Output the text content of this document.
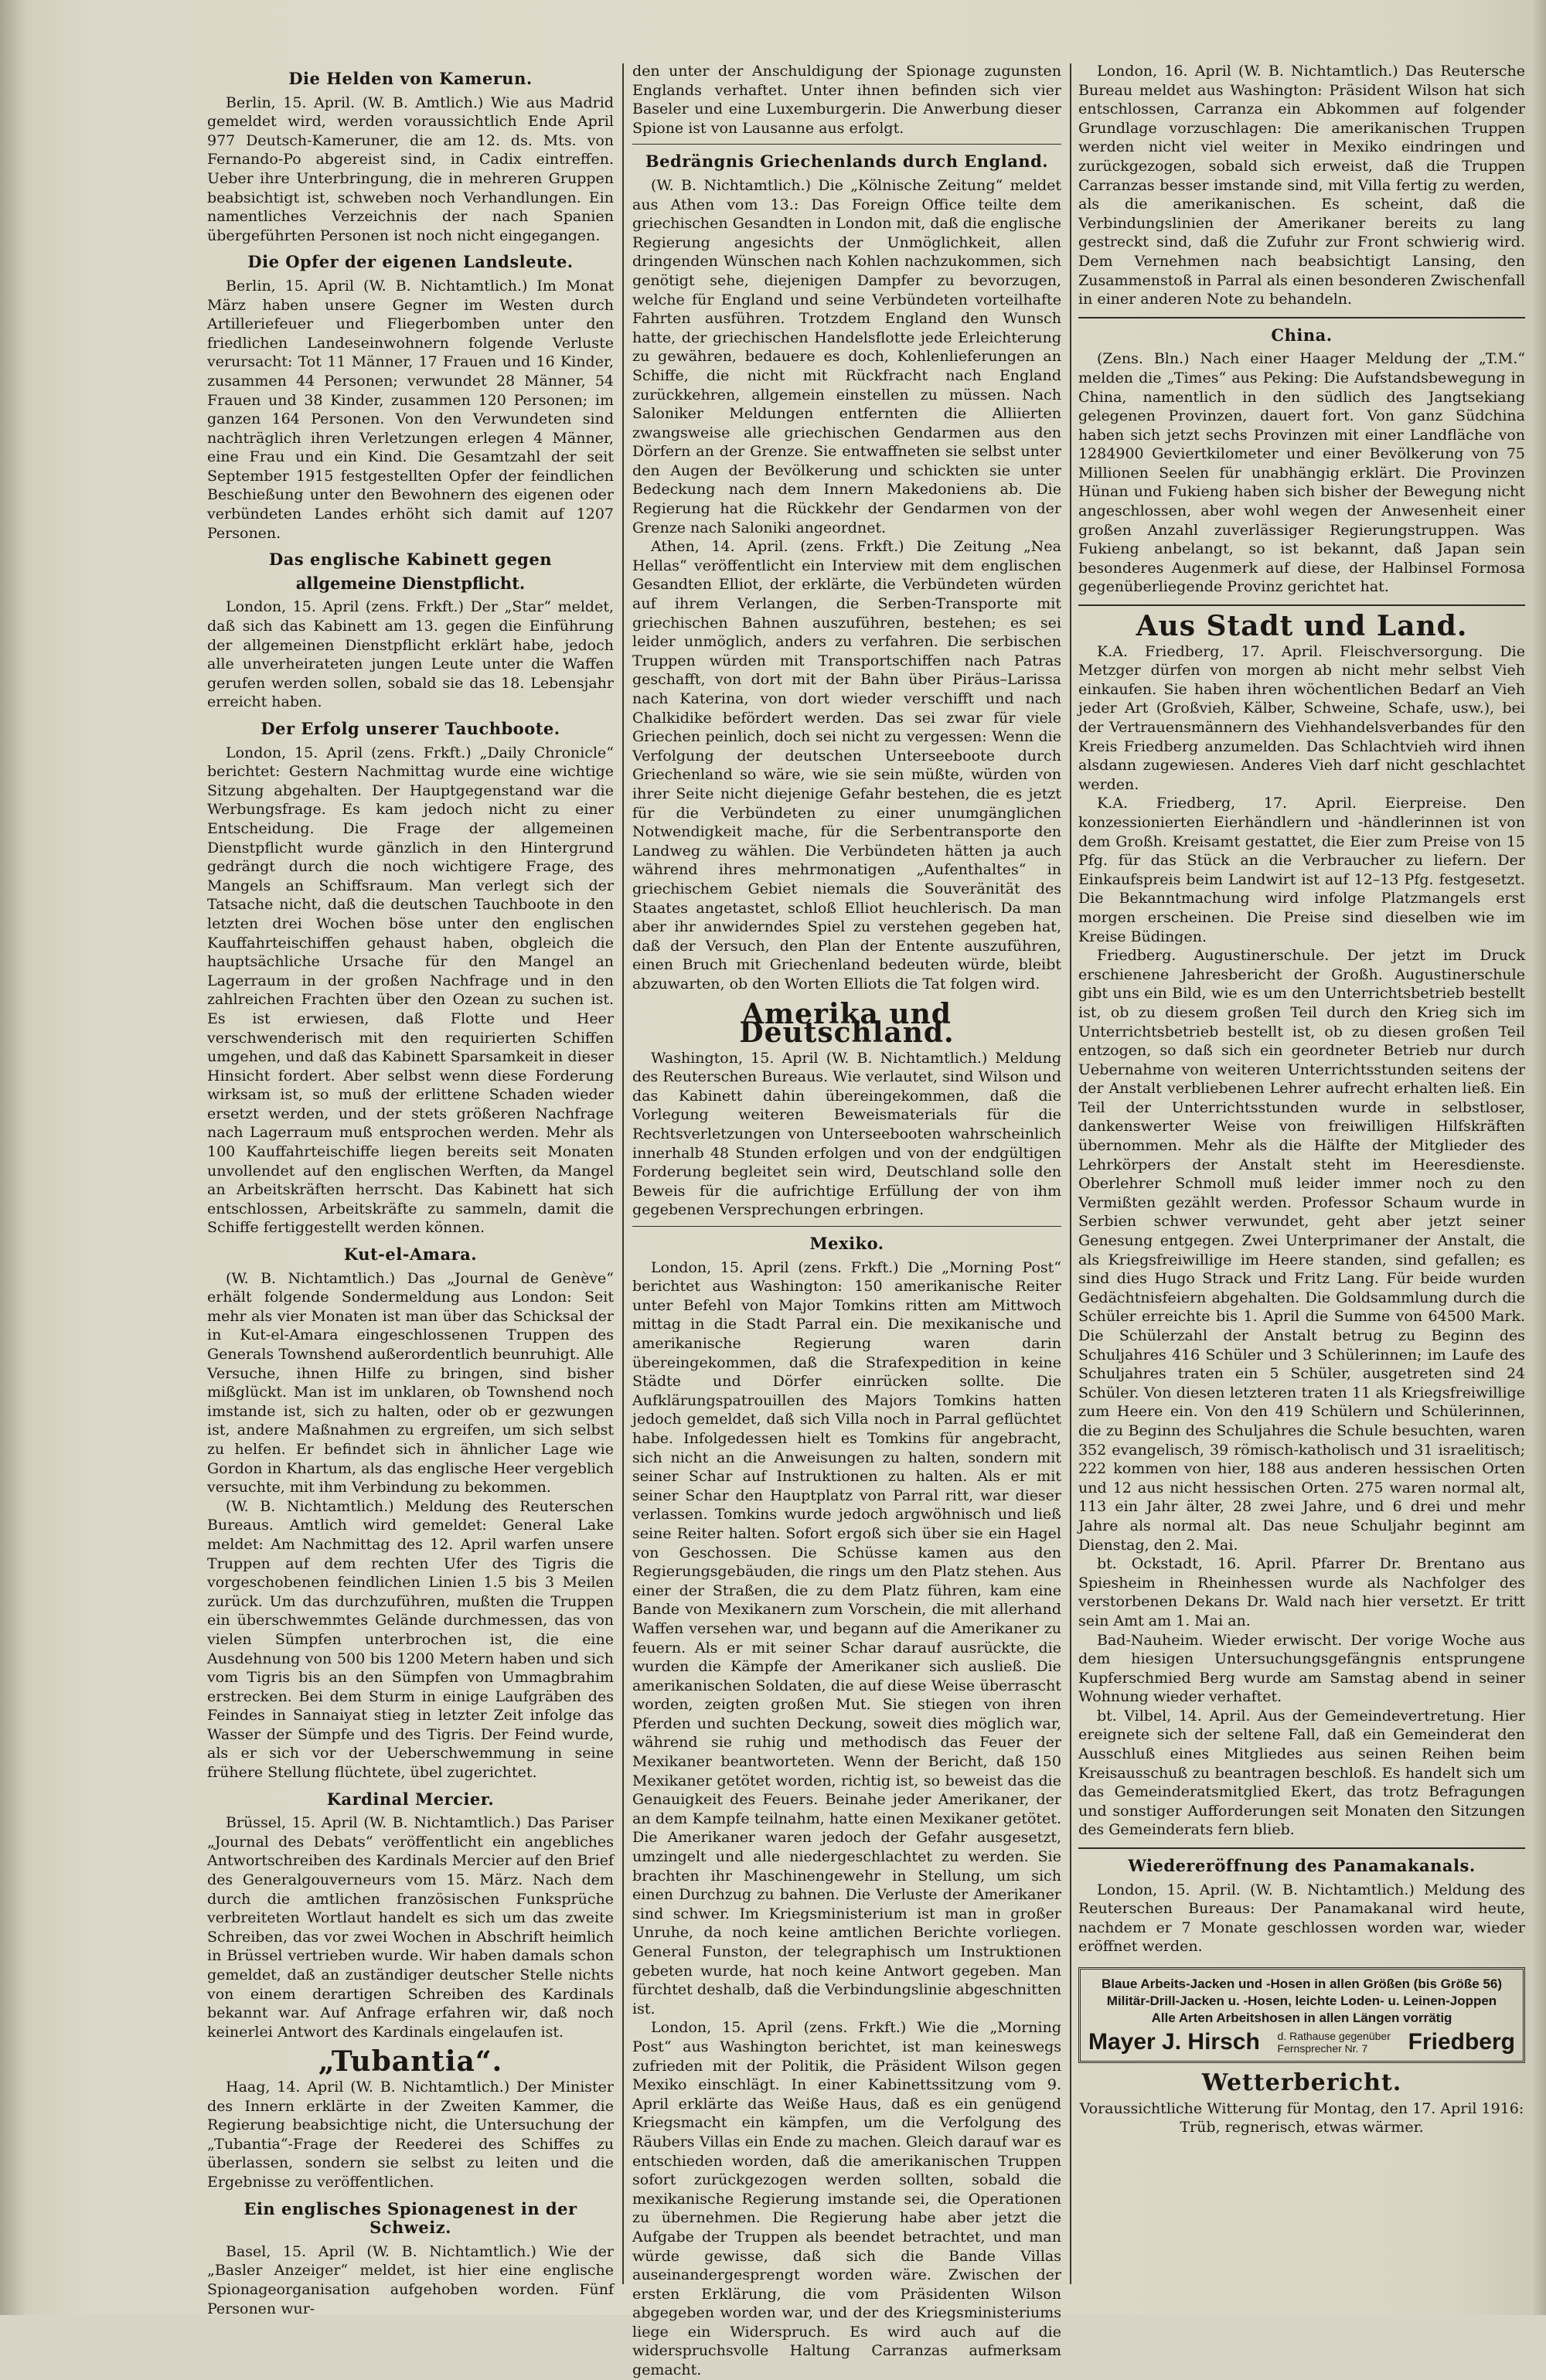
Die Helden von Kamerun.

Berlin, 15. April. (W. B. Amtlich.) Wie aus Madrid gemeldet wird, werden voraussichtlich Ende April 977 Deutsch-Kameruner, die am 12. ds. Mts. von Fernando-Po abgereist sind, in Cadix eintreffen. Ueber ihre Unterbringung, die in mehreren Gruppen beabsichtigt ist, schweben noch Verhandlungen. Ein namentliches Verzeichnis der nach Spanien übergeführten Personen ist noch nicht eingegangen.

Die Opfer der eigenen Landsleute.

Berlin, 15. April (W. B. Nichtamtlich.) Im Monat März haben unsere Gegner im Westen durch Artilleriefeuer und Fliegerbomben unter den friedlichen Landeseinwohnern folgende Verluste verursacht: Tot 11 Männer, 17 Frauen und 16 Kinder, zusammen 44 Personen; verwundet 28 Männer, 54 Frauen und 38 Kinder, zusammen 120 Personen; im ganzen 164 Personen. Von den Verwundeten sind nachträglich ihren Verletzungen erlegen 4 Männer, eine Frau und ein Kind. Die Gesamtzahl der seit September 1915 festgestellten Opfer der feindlichen Beschießung unter den Bewohnern des eigenen oder verbündeten Landes erhöht sich damit auf 1207 Personen.

Das englische Kabinett gegen
allgemeine Dienstpflicht.

London, 15. April (zens. Frkft.) Der „Star“ meldet, daß sich das Kabinett am 13. gegen die Einführung der allgemeinen Dienstpflicht erklärt habe, jedoch alle unverheirateten jungen Leute unter die Waffen gerufen werden sollen, sobald sie das 18. Lebensjahr erreicht haben.

Der Erfolg unserer Tauchboote.

London, 15. April (zens. Frkft.) „Daily Chronicle“ berichtet: Gestern Nachmittag wurde eine wichtige Sitzung abgehalten. Der Hauptgegenstand war die Werbungsfrage. Es kam jedoch nicht zu einer Entscheidung. Die Frage der allgemeinen Dienstpflicht wurde gänzlich in den Hintergrund gedrängt durch die noch wichtigere Frage, des Mangels an Schiffsraum. Man verlegt sich der Tatsache nicht, daß die deutschen Tauchboote in den letzten drei Wochen böse unter den englischen Kauffahrteischiffen gehaust haben, obgleich die hauptsächliche Ursache für den Mangel an Lagerraum in der großen Nachfrage und in den zahlreichen Frachten über den Ozean zu suchen ist. Es ist erwiesen, daß Flotte und Heer verschwenderisch mit den requirierten Schiffen umgehen, und daß das Kabinett Sparsamkeit in dieser Hinsicht fordert. Aber selbst wenn diese Forderung wirksam ist, so muß der erlittene Schaden wieder ersetzt werden, und der stets größeren Nachfrage nach Lagerraum muß entsprochen werden. Mehr als 100 Kauffahrteischiffe liegen bereits seit Monaten unvollendet auf den englischen Werften, da Mangel an Arbeitskräften herrscht. Das Kabinett hat sich entschlossen, Arbeitskräfte zu sammeln, damit die Schiffe fertiggestellt werden können.

Kut-el-Amara.

(W. B. Nichtamtlich.) Das „Journal de Genève“ erhält folgende Sondermeldung aus London: Seit mehr als vier Monaten ist man über das Schicksal der in Kut-el-Amara eingeschlossenen Truppen des Generals Townshend außerordentlich beunruhigt. Alle Versuche, ihnen Hilfe zu bringen, sind bisher mißglückt. Man ist im unklaren, ob Townshend noch imstande ist, sich zu halten, oder ob er gezwungen ist, andere Maßnahmen zu ergreifen, um sich selbst zu helfen. Er befindet sich in ähnlicher Lage wie Gordon in Khartum, als das englische Heer vergeblich versuchte, mit ihm Verbindung zu bekommen.

(W. B. Nichtamtlich.) Meldung des Reuterschen Bureaus. Amtlich wird gemeldet: General Lake meldet: Am Nachmittag des 12. April warfen unsere Truppen auf dem rechten Ufer des Tigris die vorgeschobenen feindlichen Linien 1.5 bis 3 Meilen zurück. Um das durchzuführen, mußten die Truppen ein überschwemmtes Gelände durchmessen, das von vielen Sümpfen unterbrochen ist, die eine Ausdehnung von 500 bis 1200 Metern haben und sich vom Tigris bis an den Sümpfen von Ummagbrahim erstrecken. Bei dem Sturm in einige Laufgräben des Feindes in Sannaiyat stieg in letzter Zeit infolge das Wasser der Sümpfe und des Tigris. Der Feind wurde, als er sich vor der Ueberschwemmung in seine frühere Stellung flüchtete, übel zugerichtet.

Kardinal Mercier.

Brüssel, 15. April (W. B. Nichtamtlich.) Das Pariser „Journal des Debats“ veröffentlicht ein angebliches Antwortschreiben des Kardinals Mercier auf den Brief des Generalgouverneurs vom 15. März. Nach dem durch die amtlichen französischen Funksprüche verbreiteten Wortlaut handelt es sich um das zweite Schreiben, das vor zwei Wochen in Abschrift heimlich in Brüssel vertrieben wurde. Wir haben damals schon gemeldet, daß an zuständiger deutscher Stelle nichts von einem derartigen Schreiben des Kardinals bekannt war. Auf Anfrage erfahren wir, daß noch keinerlei Antwort des Kardinals eingelaufen ist.

„Tubantia“.

Haag, 14. April (W. B. Nichtamtlich.) Der Minister des Innern erklärte in der Zweiten Kammer, die Regierung beabsichtige nicht, die Untersuchung der „Tubantia“-Frage der Reederei des Schiffes zu überlassen, sondern sie selbst zu leiten und die Ergebnisse zu veröffentlichen.

Ein englisches Spionagenest in der Schweiz.

Basel, 15. April (W. B. Nichtamtlich.) Wie der „Basler Anzeiger“ meldet, ist hier eine englische Spionageorganisation aufgehoben worden. Fünf Personen wur-

den unter der Anschuldigung der Spionage zugunsten Englands verhaftet. Unter ihnen befinden sich vier Baseler und eine Luxemburgerin. Die Anwerbung dieser Spione ist von Lausanne aus erfolgt.

Bedrängnis Griechenlands durch England.

(W. B. Nichtamtlich.) Die „Kölnische Zeitung“ meldet aus Athen vom 13.: Das Foreign Office teilte dem griechischen Gesandten in London mit, daß die englische Regierung angesichts der Unmöglichkeit, allen dringenden Wünschen nach Kohlen nachzukommen, sich genötigt sehe, diejenigen Dampfer zu bevorzugen, welche für England und seine Verbündeten vorteilhafte Fahrten ausführen. Trotzdem England den Wunsch hatte, der griechischen Handelsflotte jede Erleichterung zu gewähren, bedauere es doch, Kohlenlieferungen an Schiffe, die nicht mit Rückfracht nach England zurückkehren, allgemein einstellen zu müssen. Nach Saloniker Meldungen entfernten die Alliierten zwangsweise alle griechischen Gendarmen aus den Dörfern an der Grenze. Sie entwaffneten sie selbst unter den Augen der Bevölkerung und schickten sie unter Bedeckung nach dem Innern Makedoniens ab. Die Regierung hat die Rückkehr der Gendarmen von der Grenze nach Saloniki angeordnet.

Athen, 14. April. (zens. Frkft.) Die Zeitung „Nea Hellas“ veröffentlicht ein Interview mit dem englischen Gesandten Elliot, der erklärte, die Verbündeten würden auf ihrem Verlangen, die Serben-Transporte mit griechischen Bahnen auszuführen, bestehen; es sei leider unmöglich, anders zu verfahren. Die serbischen Truppen würden mit Transportschiffen nach Patras geschafft, von dort mit der Bahn über Piräus–Larissa nach Katerina, von dort wieder verschifft und nach Chalkidike befördert werden. Das sei zwar für viele Griechen peinlich, doch sei nicht zu vergessen: Wenn die Verfolgung der deutschen Unterseeboote durch Griechenland so wäre, wie sie sein müßte, würden von ihrer Seite nicht diejenige Gefahr bestehen, die es jetzt für die Verbündeten zu einer unumgänglichen Notwendigkeit mache, für die Serbentransporte den Landweg zu wählen. Die Verbündeten hätten ja auch während ihres mehrmonatigen „Aufenthaltes“ in griechischem Gebiet niemals die Souveränität des Staates angetastet, schloß Elliot heuchlerisch. Da man aber ihr anwiderndes Spiel zu verstehen gegeben hat, daß der Versuch, den Plan der Entente auszuführen, einen Bruch mit Griechenland bedeuten würde, bleibt abzuwarten, ob den Worten Elliots die Tat folgen wird.

Amerika und Deutschland.

Washington, 15. April (W. B. Nichtamtlich.) Meldung des Reuterschen Bureaus. Wie verlautet, sind Wilson und das Kabinett dahin übereingekommen, daß die Vorlegung weiteren Beweismaterials für die Rechtsverletzungen von Unterseebooten wahrscheinlich innerhalb 48 Stunden erfolgen und von der endgültigen Forderung begleitet sein wird, Deutschland solle den Beweis für die aufrichtige Erfüllung der von ihm gegebenen Versprechungen erbringen.

Mexiko.

London, 15. April (zens. Frkft.) Die „Morning Post“ berichtet aus Washington: 150 amerikanische Reiter unter Befehl von Major Tomkins ritten am Mittwoch mittag in die Stadt Parral ein. Die mexikanische und amerikanische Regierung waren darin übereingekommen, daß die Strafexpedition in keine Städte und Dörfer einrücken sollte. Die Aufklärungspatrouillen des Majors Tomkins hatten jedoch gemeldet, daß sich Villa noch in Parral geflüchtet habe. Infolgedessen hielt es Tomkins für angebracht, sich nicht an die Anweisungen zu halten, sondern mit seiner Schar auf Instruktionen zu halten. Als er mit seiner Schar den Hauptplatz von Parral ritt, war dieser verlassen. Tomkins wurde jedoch argwöhnisch und ließ seine Reiter halten. Sofort ergoß sich über sie ein Hagel von Geschossen. Die Schüsse kamen aus den Regierungsgebäuden, die rings um den Platz stehen. Aus einer der Straßen, die zu dem Platz führen, kam eine Bande von Mexikanern zum Vorschein, die mit allerhand Waffen versehen war, und begann auf die Amerikaner zu feuern. Als er mit seiner Schar darauf ausrückte, die wurden die Kämpfe der Amerikaner sich ausließ. Die amerikanischen Soldaten, die auf diese Weise überrascht worden, zeigten großen Mut. Sie stiegen von ihren Pferden und suchten Deckung, soweit dies möglich war, während sie ruhig und methodisch das Feuer der Mexikaner beantworteten. Wenn der Bericht, daß 150 Mexikaner getötet worden, richtig ist, so beweist das die Genauigkeit des Feuers. Beinahe jeder Amerikaner, der an dem Kampfe teilnahm, hatte einen Mexikaner getötet. Die Amerikaner waren jedoch der Gefahr ausgesetzt, umzingelt und alle niedergeschlachtet zu werden. Sie brachten ihr Maschinengewehr in Stellung, um sich einen Durchzug zu bahnen. Die Verluste der Amerikaner sind schwer. Im Kriegsministerium ist man in großer Unruhe, da noch keine amtlichen Berichte vorliegen. General Funston, der telegraphisch um Instruktionen gebeten wurde, hat noch keine Antwort gegeben. Man fürchtet deshalb, daß die Verbindungslinie abgeschnitten ist.

London, 15. April (zens. Frkft.) Wie die „Morning Post“ aus Washington berichtet, ist man keineswegs zufrieden mit der Politik, die Präsident Wilson gegen Mexiko einschlägt. In einer Kabinettssitzung vom 9. April erklärte das Weiße Haus, daß es ein genügend Kriegsmacht ein kämpfen, um die Verfolgung des Räubers Villas ein Ende zu machen. Gleich darauf war es entschieden worden, daß die amerikanischen Truppen sofort zurückgezogen werden sollten, sobald die mexikanische Regierung imstande sei, die Operationen zu übernehmen. Die Regierung habe aber jetzt die Aufgabe der Truppen als beendet betrachtet, und man würde gewisse, daß sich die Bande Villas auseinandergesprengt worden wäre. Zwischen der ersten Erklärung, die vom Präsidenten Wilson abgegeben worden war, und der des Kriegsministeriums liege ein Widerspruch. Es wird auch auf die widerspruchsvolle Haltung Carranzas aufmerksam gemacht.

London, 16. April (W. B. Nichtamtlich.) Das Reutersche Bureau meldet aus Washington: Präsident Wilson hat sich entschlossen, Carranza ein Abkommen auf folgender Grundlage vorzuschlagen: Die amerikanischen Truppen werden nicht viel weiter in Mexiko eindringen und zurückgezogen, sobald sich erweist, daß die Truppen Carranzas besser imstande sind, mit Villa fertig zu werden, als die amerikanischen. Es scheint, daß die Verbindungslinien der Amerikaner bereits zu lang gestreckt sind, daß die Zufuhr zur Front schwierig wird. Dem Vernehmen nach beabsichtigt Lansing, den Zusammenstoß in Parral als einen besonderen Zwischenfall in einer anderen Note zu behandeln.

China.

(Zens. Bln.) Nach einer Haager Meldung der „T.M.“ melden die „Times“ aus Peking: Die Aufstandsbewegung in China, namentlich in den südlich des Jangtsekiang gelegenen Provinzen, dauert fort. Von ganz Südchina haben sich jetzt sechs Provinzen mit einer Landfläche von 1284900 Geviertkilometer und einer Bevölkerung von 75 Millionen Seelen für unabhängig erklärt. Die Provinzen Hünan und Fukieng haben sich bisher der Bewegung nicht angeschlossen, aber wohl wegen der Anwesenheit einer großen Anzahl zuverlässiger Regierungstruppen. Was Fukieng anbelangt, so ist bekannt, daß Japan sein besonderes Augenmerk auf diese, der Halbinsel Formosa gegenüberliegende Provinz gerichtet hat.

Aus Stadt und Land.

K.A. Friedberg, 17. April. Fleischversorgung. Die Metzger dürfen von morgen ab nicht mehr selbst Vieh einkaufen. Sie haben ihren wöchentlichen Bedarf an Vieh jeder Art (Großvieh, Kälber, Schweine, Schafe, usw.), bei der Vertrauensmännern des Viehhandelsverbandes für den Kreis Friedberg anzumelden. Das Schlachtvieh wird ihnen alsdann zugewiesen. Anderes Vieh darf nicht geschlachtet werden.

K.A. Friedberg, 17. April. Eierpreise. Den konzessionierten Eierhändlern und -händlerinnen ist von dem Großh. Kreisamt gestattet, die Eier zum Preise von 15 Pfg. für das Stück an die Verbraucher zu liefern. Der Einkaufspreis beim Landwirt ist auf 12–13 Pfg. festgesetzt. Die Bekanntmachung wird infolge Platzmangels erst morgen erscheinen. Die Preise sind dieselben wie im Kreise Büdingen.

Friedberg. Augustinerschule. Der jetzt im Druck erschienene Jahresbericht der Großh. Augustinerschule gibt uns ein Bild, wie es um den Unterrichtsbetrieb bestellt ist, ob zu diesem großen Teil durch den Krieg sich im Unterrichtsbetrieb bestellt ist, ob zu diesen großen Teil entzogen, so daß sich ein geordneter Betrieb nur durch Uebernahme von weiteren Unterrichtsstunden seitens der der Anstalt verbliebenen Lehrer aufrecht erhalten ließ. Ein Teil der Unterrichtsstunden wurde in selbstloser, dankenswerter Weise von freiwilligen Hilfskräften übernommen. Mehr als die Hälfte der Mitglieder des Lehrkörpers der Anstalt steht im Heeresdienste. Oberlehrer Schmoll muß leider immer noch zu den Vermißten gezählt werden. Professor Schaum wurde in Serbien schwer verwundet, geht aber jetzt seiner Genesung entgegen. Zwei Unterprimaner der Anstalt, die als Kriegsfreiwillige im Heere standen, sind gefallen; es sind dies Hugo Strack und Fritz Lang. Für beide wurden Gedächtnisfeiern abgehalten. Die Goldsammlung durch die Schüler erreichte bis 1. April die Summe von 64500 Mark. Die Schülerzahl der Anstalt betrug zu Beginn des Schuljahres 416 Schüler und 3 Schülerinnen; im Laufe des Schuljahres traten ein 5 Schüler, ausgetreten sind 24 Schüler. Von diesen letzteren traten 11 als Kriegsfreiwillige zum Heere ein. Von den 419 Schülern und Schülerinnen, die zu Beginn des Schuljahres die Schule besuchten, waren 352 evangelisch, 39 römisch-katholisch und 31 israelitisch; 222 kommen von hier, 188 aus anderen hessischen Orten und 12 aus nicht hessischen Orten. 275 waren normal alt, 113 ein Jahr älter, 28 zwei Jahre, und 6 drei und mehr Jahre als normal alt. Das neue Schuljahr beginnt am Dienstag, den 2. Mai.

bt. Ockstadt, 16. April. Pfarrer Dr. Brentano aus Spiesheim in Rheinhessen wurde als Nachfolger des verstorbenen Dekans Dr. Wald nach hier versetzt. Er tritt sein Amt am 1. Mai an.

Bad-Nauheim. Wieder erwischt. Der vorige Woche aus dem hiesigen Untersuchungsgefängnis entsprungene Kupferschmied Berg wurde am Samstag abend in seiner Wohnung wieder verhaftet.

bt. Vilbel, 14. April. Aus der Gemeindevertretung. Hier ereignete sich der seltene Fall, daß ein Gemeinderat den Ausschluß eines Mitgliedes aus seinen Reihen beim Kreisausschuß zu beantragen beschloß. Es handelt sich um das Gemeinderatsmitglied Ekert, das trotz Befragungen und sonstiger Aufforderungen seit Monaten den Sitzungen des Gemeinderats fern blieb.

Wiedereröffnung des Panamakanals.

London, 15. April. (W. B. Nichtamtlich.) Meldung des Reuterschen Bureaus: Der Panamakanal wird heute, nachdem er 7 Monate geschlossen worden war, wieder eröffnet werden.

Blaue Arbeits-Jacken und -Hosen in allen Größen (bis Größe 56)
Militär-Drill-Jacken u. -Hosen, leichte Loden- u. Leinen-Joppen
Alle Arten Arbeitshosen in allen Längen vorrätig
Mayer J. Hirsch d. Rathause gegenüber
Fernsprecher Nr. 7	Friedberg
Wetterbericht.

Voraussichtliche Witterung für Montag, den 17. April 1916:

Trüb, regnerisch, etwas wärmer.
